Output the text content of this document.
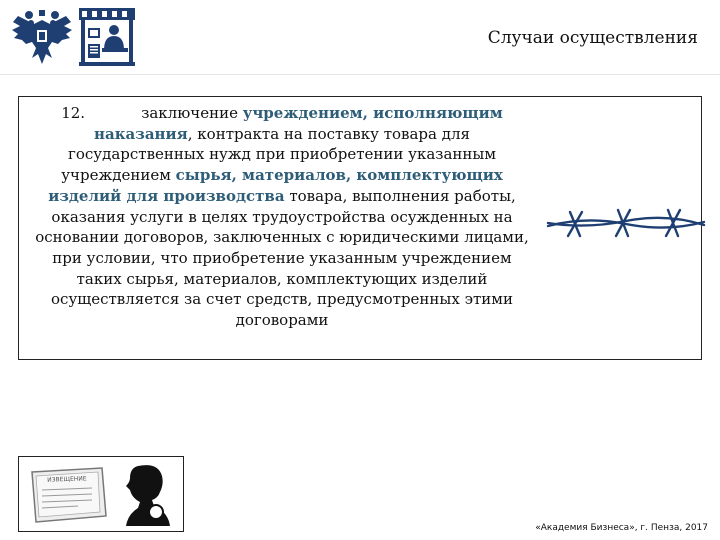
Случаи осуществления
12.	заключение учреждением, исполняющим наказания, контракта на поставку товара для государственных нужд при приобретении указанным учреждением сырья, материалов, комплектующих изделий для производства товара, выполнения работы, оказания услуги в целях трудоустройства осужденных на основании договоров, заключенных с юридическими лицами, при условии, что приобретение указанным учреждением таких сырья, материалов, комплектующих изделий осуществляется за счет средств, предусмотренных этими договорами
ИЗВЕЩЕНИЕ
«Академия Бизнеса», г. Пенза, 2017
